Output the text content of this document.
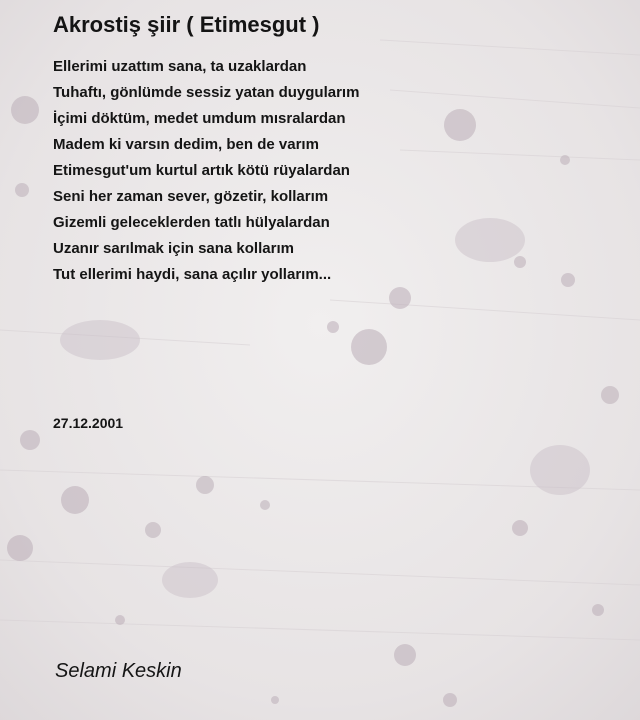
Akrostiş şiir ( Etimesgut )
Ellerimi uzattım sana, ta uzaklardan
Tuhaftı, gönlümde sessiz yatan duygularım
İçimi döktüm, medet umdum mısralardan
Madem ki varsın dedim, ben de varım
Etimesgut'um kurtul artık kötü rüyalardan
Seni her zaman sever, gözetir, kollarım
Gizemli geleceklerden tatlı hülyalardan
Uzanır sarılmak için sana kollarım
Tut ellerimi haydi, sana açılır yollarım...
27.12.2001
Selami Keskin
